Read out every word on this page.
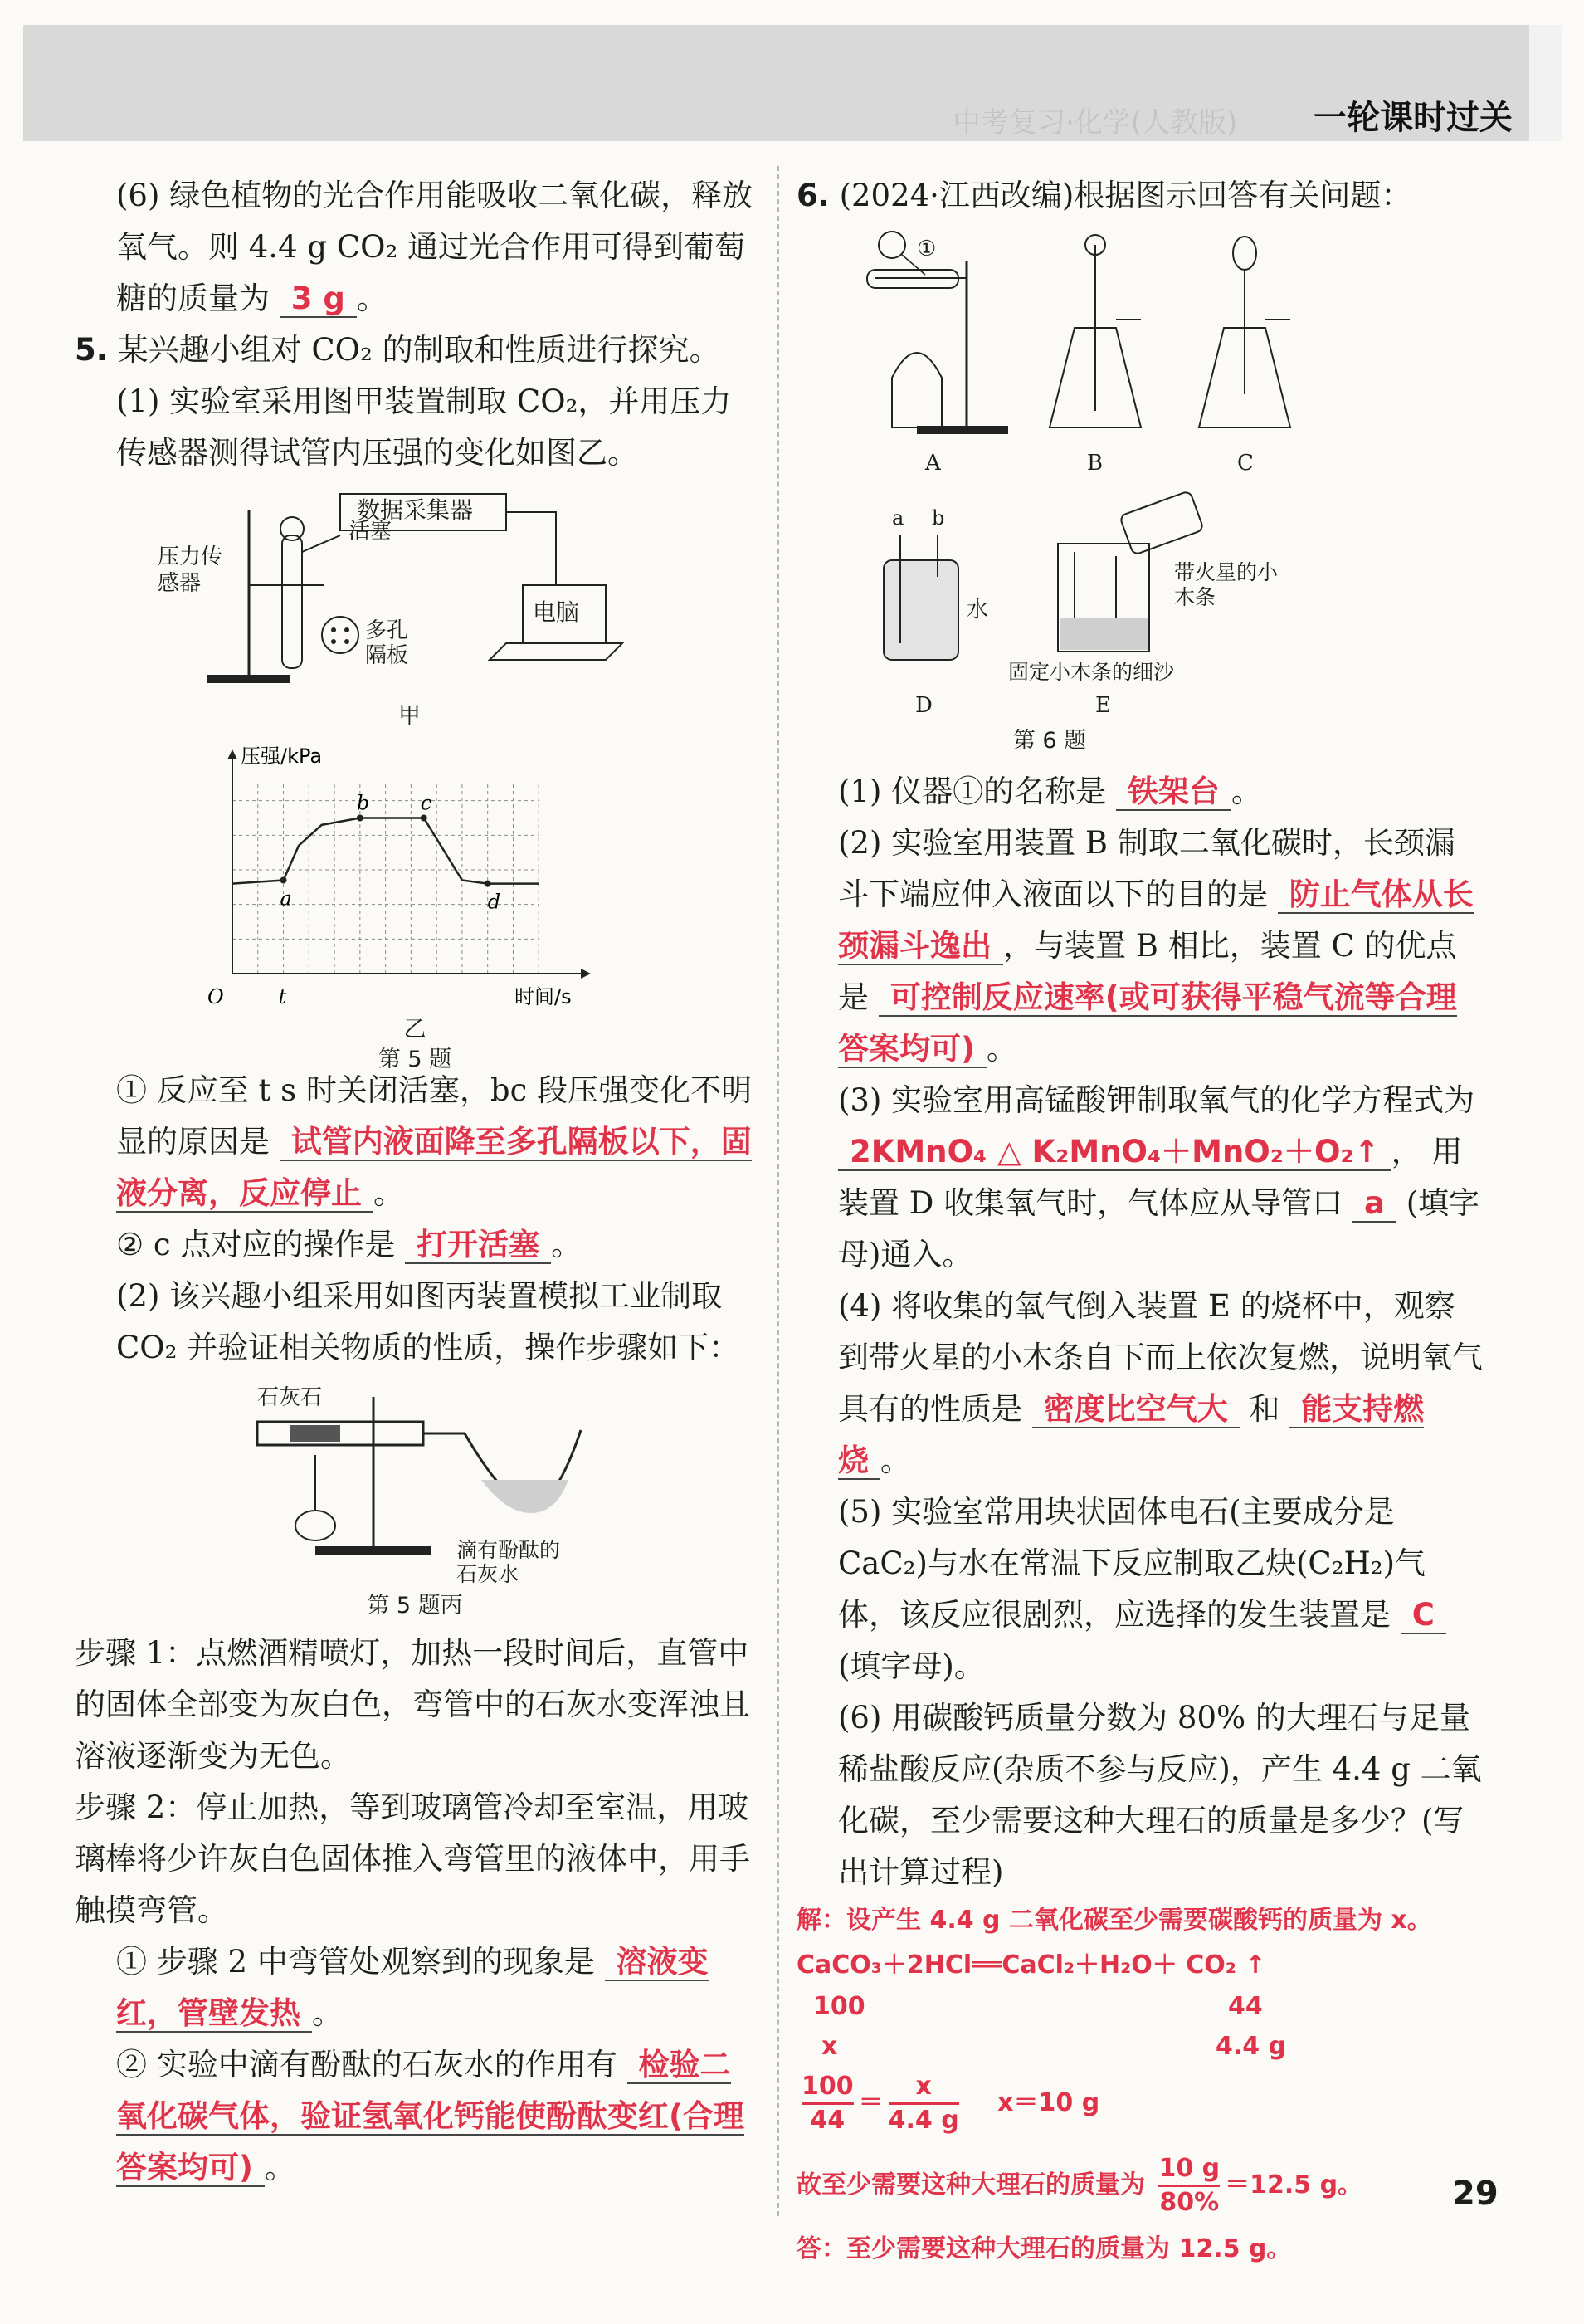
中考复习·化学(人教版) 一轮课时过关

(6) 绿色植物的光合作用能吸收二氧化碳，释放氧气。则 4.4 g CO₂ 通过光合作用可得到葡萄糖的质量为 3 g 。

5. 某兴趣小组对 CO₂ 的制取和性质进行探究。

(1) 实验室采用图甲装置制取 CO₂，并用压力传感器测得试管内压强的变化如图乙。

数据采集器
活塞
压力传感器
多孔隔板
电脑
甲
a
b	c
d
O	t	时间/s
压强/kPa
乙
第 5 题

① 反应至 t s 时关闭活塞，bc 段压强变化不明显的原因是 试管内液面降至多孔隔板以下，固液分离，反应停止 。

② c 点对应的操作是 打开活塞 。

(2) 该兴趣小组采用如图丙装置模拟工业制取 CO₂ 并验证相关物质的性质，操作步骤如下：

石灰石
滴有酚酞的石灰水
第 5 题丙

步骤 1：点燃酒精喷灯，加热一段时间后，直管中的固体全部变为灰白色，弯管中的石灰水变浑浊且溶液逐渐变为无色。

步骤 2：停止加热，等到玻璃管冷却至室温，用玻璃棒将少许灰白色固体推入弯管里的液体中，用手触摸弯管。

① 步骤 2 中弯管处观察到的现象是 溶液变红，管壁发热 。

② 实验中滴有酚酞的石灰水的作用有 检验二氧化碳气体，验证氢氧化钙能使酚酞变红(合理答案均可) 。

6. (2024·江西改编)根据图示回答有关问题：

①
A	B	C
a b
水
D
带火星的小木条
固定小木条的细沙
E
第 6 题

(1) 仪器①的名称是 铁架台 。

(2) 实验室用装置 B 制取二氧化碳时，长颈漏斗下端应伸入液面以下的目的是 防止气体从长颈漏斗逸出 ，与装置 B 相比，装置 C 的优点是 可控制反应速率(或可获得平稳气流等合理答案均可) 。

(3) 实验室用高锰酸钾制取氧气的化学方程式为 2KMnO₄ △ K₂MnO₄＋MnO₂＋O₂↑ ， 用装置 D 收集氧气时，气体应从导管口 a (填字母)通入。

(4) 将收集的氧气倒入装置 E 的烧杯中，观察到带火星的小木条自下而上依次复燃，说明氧气具有的性质是 密度比空气大 和 能支持燃烧 。

(5) 实验室常用块状固体电石(主要成分是 CaC₂)与水在常温下反应制取乙炔(C₂H₂)气体，该反应很剧烈，应选择的发生装置是 C (填字母)。

(6) 用碳酸钙质量分数为 80% 的大理石与足量稀盐酸反应(杂质不参与反应)，产生 4.4 g 二氧化碳，至少需要这种大理石的质量是多少？(写出计算过程)

解：设产生 4.4 g 二氧化碳至少需要碳酸钙的质量为 x。
CaCO₃＋2HCl══CaCl₂＋H₂O＋ CO₂ ↑
100	44
x	4.4 g
$\frac{100}{44} = \frac{x}{4.4 g} x=10$ g
故至少需要这种大理石的质量为 $\frac{10 g}{80\%} =12.5$ g。
答：至少需要这种大理石的质量为 12.5 g。
29
